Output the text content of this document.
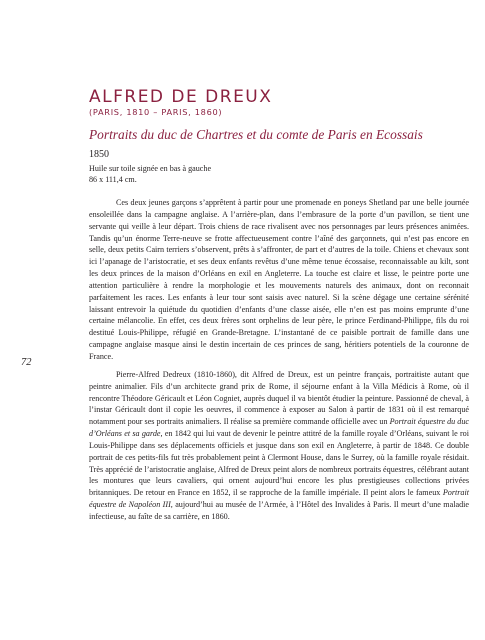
ALFRED DE DREUX
(PARIS, 1810 – PARIS, 1860)
Portraits du duc de Chartres et du comte de Paris en Ecossais
1850
Huile sur toile signée en bas à gauche
86 x 111,4 cm.

Ces deux jeunes garçons s’apprêtent à partir pour une promenade en poneys Shetland par une belle journée ensoleillée dans la campagne anglaise. A l’arrière-plan, dans l’embrasure de la porte d’un pavillon, se tient une servante qui veille à leur départ. Trois chiens de race rivalisent avec nos personnages par leurs présences animées. Tandis qu’un énorme Terre-neuve se frotte affectueusement contre l’aîné des garçonnets, qui n’est pas encore en selle, deux petits Cairn terriers s’observent, prêts à s’affronter, de part et d’autres de la toile. Chiens et chevaux sont ici l’apanage de l’aristocratie, et ses deux enfants revêtus d’une même tenue écossaise, reconnaissable au kilt, sont les deux princes de la maison d’Orléans en exil en Angleterre. La touche est claire et lisse, le peintre porte une attention particulière à rendre la morphologie et les mouvements naturels des animaux, dont on reconnait parfaitement les races. Les enfants à leur tour sont saisis avec naturel. Si la scène dégage une certaine sérénité laissant entrevoir la quiétude du quotidien d’enfants d’une classe aisée, elle n’en est pas moins emprunte d’une certaine mélancolie. En effet, ces deux frères sont orphelins de leur père, le prince Ferdinand-Philippe, fils du roi destitué Louis-Philippe, réfugié en Grande-Bretagne. L’instantané de ce paisible portrait de famille dans une campagne anglaise masque ainsi le destin incertain de ces princes de sang, héritiers potentiels de la couronne de France.

Pierre-Alfred Dedreux (1810-1860), dit Alfred de Dreux, est un peintre français, portraitiste autant que peintre animalier. Fils d’un architecte grand prix de Rome, il séjourne enfant à la Villa Médicis à Rome, où il rencontre Théodore Géricault et Léon Cogniet, auprès duquel il va bientôt étudier la peinture. Passionné de cheval, à l’instar Géricault dont il copie les oeuvres, il commence à exposer au Salon à partir de 1831 où il est remarqué notamment pour ses portraits animaliers. Il réalise sa première commande officielle avec un Portrait équestre du duc d’Orléans et sa garde, en 1842 qui lui vaut de devenir le peintre attitré de la famille royale d’Orléans, suivant le roi Louis-Philippe dans ses déplacements officiels et jusque dans son exil en Angleterre, à partir de 1848. Ce double portrait de ces petits-fils fut très probablement peint à Clermont House, dans le Surrey, où la famille royale résidait. Très apprécié de l’aristocratie anglaise, Alfred de Dreux peint alors de nombreux portraits équestres, célébrant autant les montures que leurs cavaliers, qui ornent aujourd’hui encore les plus prestigieuses collections privées britanniques. De retour en France en 1852, il se rapproche de la famille impériale. Il peint alors le fameux Portrait équestre de Napoléon III, aujourd’hui au musée de l’Armée, à l’Hôtel des Invalides à Paris. Il meurt d’une maladie infectieuse, au faîte de sa carrière, en 1860.

72
